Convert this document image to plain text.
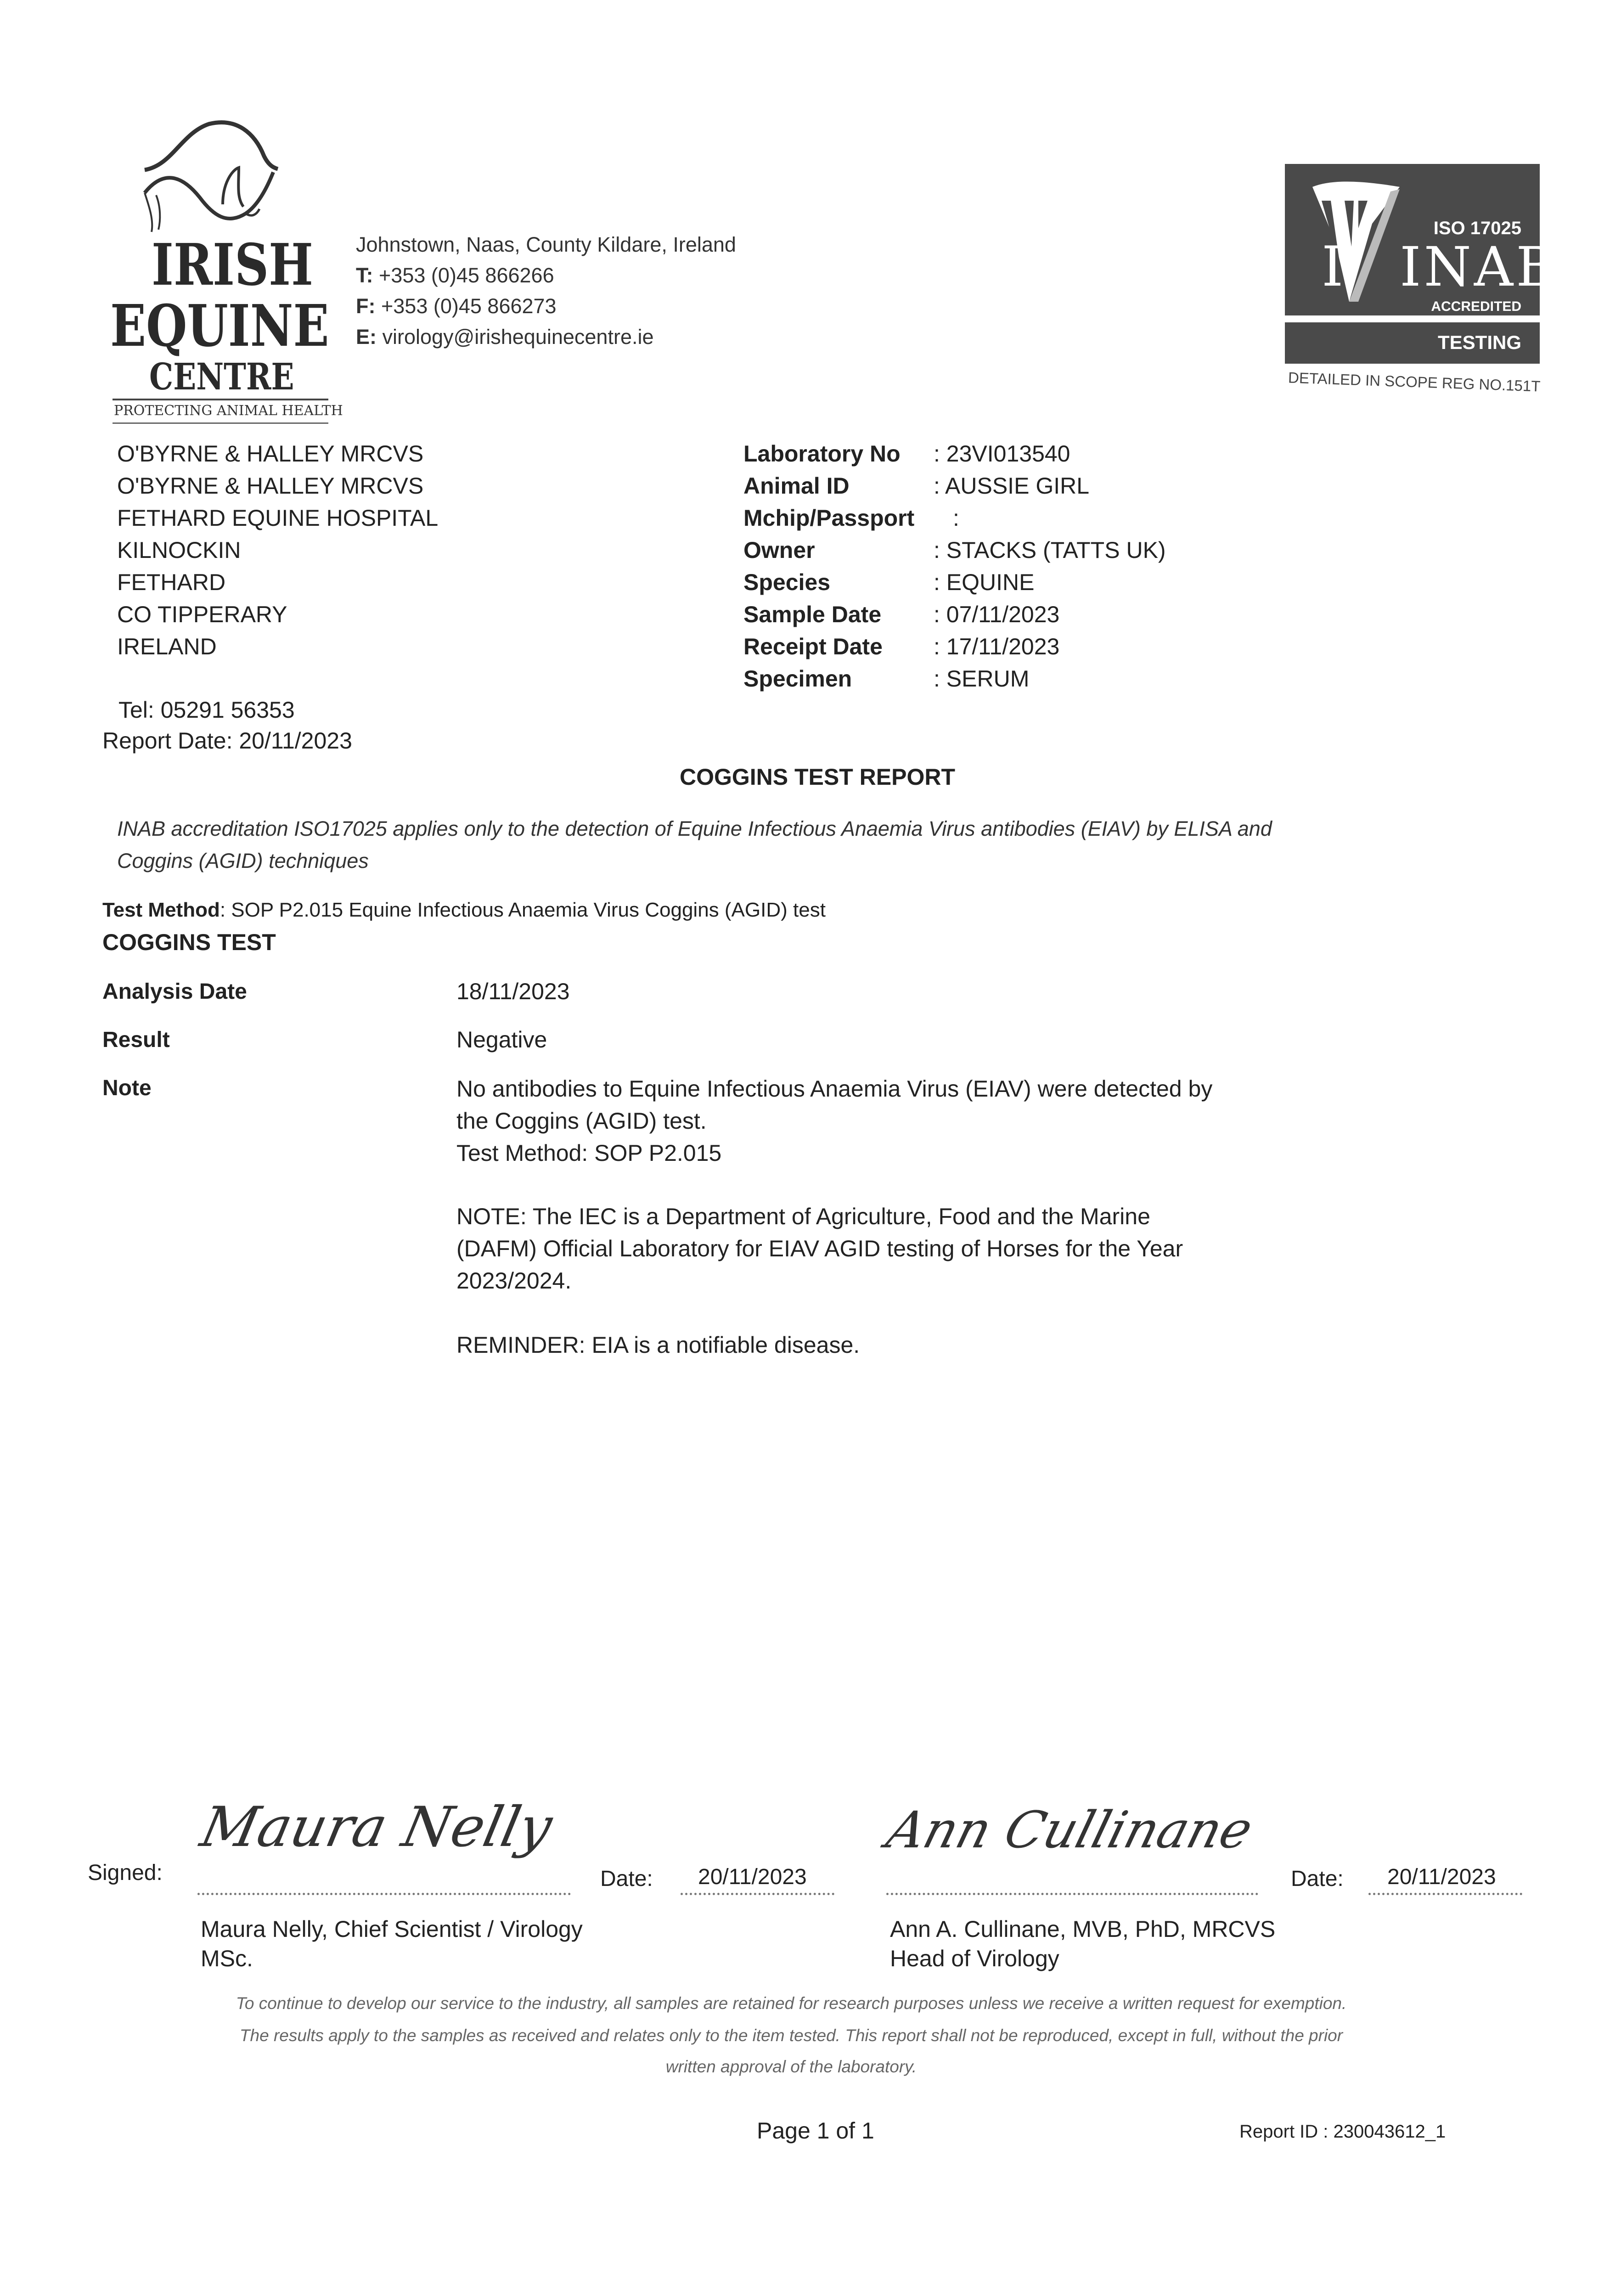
IRISH
EQUINE
CENTRE
PROTECTING ANIMAL HEALTH
Johnstown, Naas, County Kildare, Ireland
T: +353 (0)45 866266
F: +353 (0)45 866273
E: virology@irishequinecentre.ie
I INAB
ISO 17025
ACCREDITED
TESTING
DETAILED IN SCOPE REG NO.151T
O'BYRNE & HALLEY MRCVS
O'BYRNE & HALLEY MRCVS
FETHARD EQUINE HOSPITAL
KILNOCKIN
FETHARD
CO TIPPERARY
IRELAND
Tel: 05291 56353
Report Date: 20/11/2023
Laboratory No : 23VI013540
Animal ID	: AUSSIE GIRL
Mchip/Passport :
Owner	: STACKS (TATTS UK)
Species	: EQUINE
Sample Date : 07/11/2023
Receipt Date : 17/11/2023
Specimen	: SERUM
COGGINS TEST REPORT
INAB accreditation ISO17025 applies only to the detection of Equine Infectious Anaemia Virus antibodies (EIAV) by ELISA and
Coggins (AGID) techniques
Test Method: SOP P2.015 Equine Infectious Anaemia Virus Coggins (AGID) test
COGGINS TEST
Analysis Date	18/11/2023
Result	Negative
Note	No antibodies to Equine Infectious Anaemia Virus (EIAV) were detected by
the Coggins (AGID) test.
Test Method: SOP P2.015
NOTE: The IEC is a Department of Agriculture, Food and the Marine
(DAFM) Official Laboratory for EIAV AGID testing of Horses for the Year
2023/2024.
REMINDER: EIA is a notifiable disease.
Signed:
Maura Nelly
Date: 20/11/2023
Maura Nelly, Chief Scientist / Virology
MSc.
Ann Cullinane
Date: 20/11/2023
Ann A. Cullinane, MVB, PhD, MRCVS
Head of Virology
To continue to develop our service to the industry, all samples are retained for research purposes unless we receive a written request for exemption.
The results apply to the samples as received and relates only to the item tested. This report shall not be reproduced, except in full, without the prior
written approval of the laboratory.
Page 1 of 1	Report ID : 230043612_1
